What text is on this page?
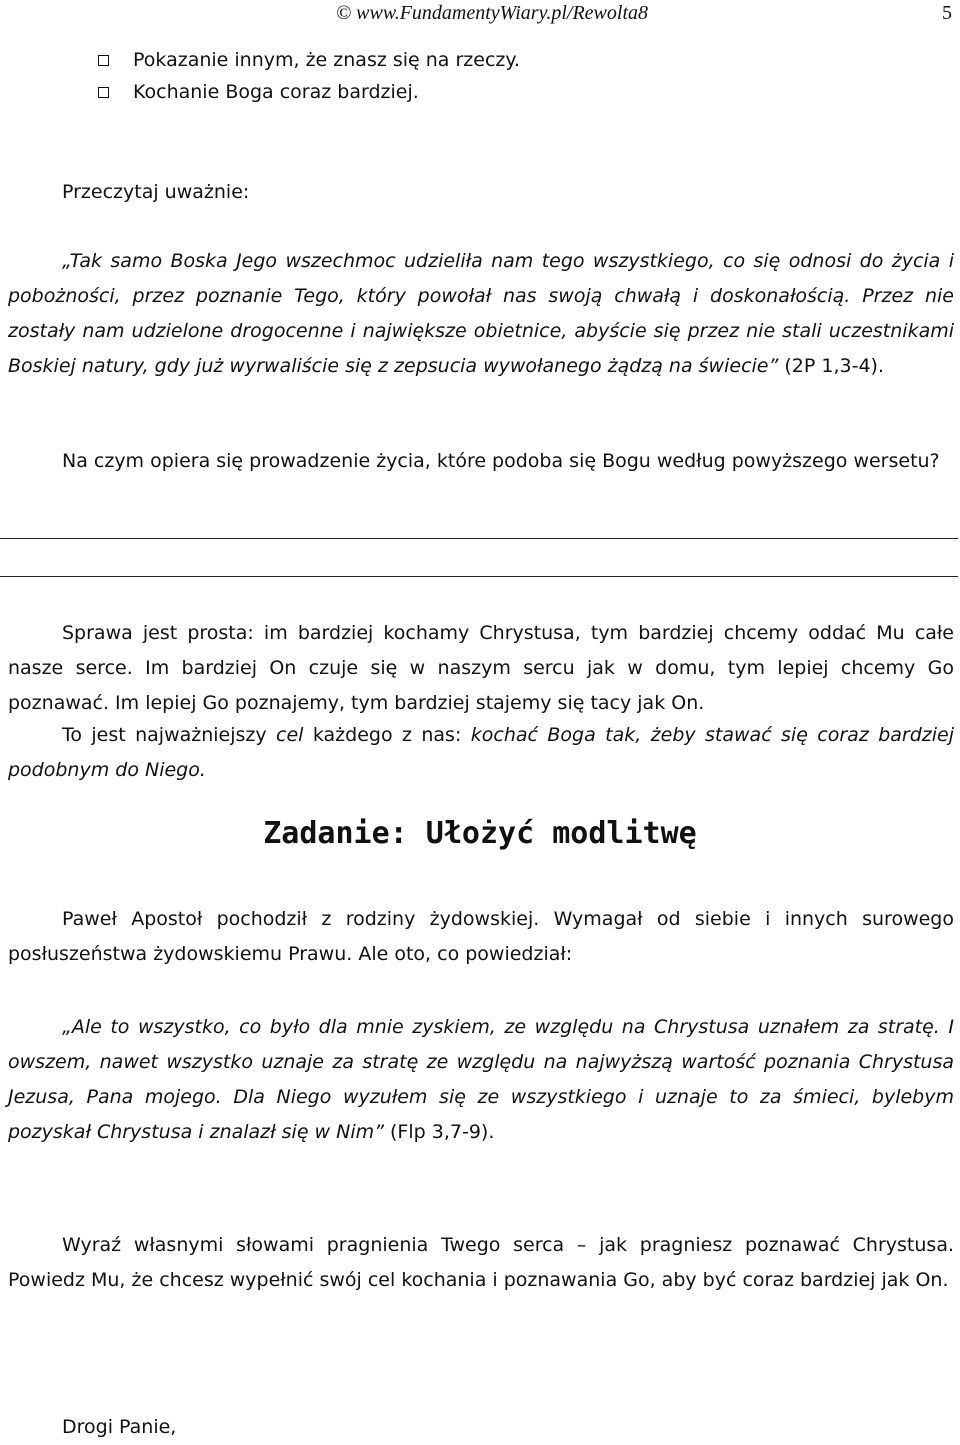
© www.FundamentyWiary.pl/Rewolta8	5
Pokazanie innym, że znasz się na rzeczy.
Kochanie Boga coraz bardziej.
Przeczytaj uważnie:
„Tak samo Boska Jego wszechmoc udzieliła nam tego wszystkiego, co się odnosi do życia i pobożności, przez poznanie Tego, który powołał nas swoją chwałą i doskonałością. Przez nie zostały nam udzielone drogocenne i największe obietnice, abyście się przez nie stali uczestnikami Boskiej natury, gdy już wyrwaliście się z zepsucia wywołanego żądzą na świecie” (2P 1,3-4).
Na czym opiera się prowadzenie życia, które podoba się Bogu według powyższego wersetu?
Sprawa jest prosta: im bardziej kochamy Chrystusa, tym bardziej chcemy oddać Mu całe nasze serce. Im bardziej On czuje się w naszym sercu jak w domu, tym lepiej chcemy Go poznawać. Im lepiej Go poznajemy, tym bardziej stajemy się tacy jak On.
To jest najważniejszy cel każdego z nas: kochać Boga tak, żeby stawać się coraz bardziej podobnym do Niego.
Zadanie: Ułożyć modlitwę
Paweł Apostoł pochodził z rodziny żydowskiej. Wymagał od siebie i innych surowego posłuszeństwa żydowskiemu Prawu. Ale oto, co powiedział:
„Ale to wszystko, co było dla mnie zyskiem, ze względu na Chrystusa uznałem za stratę. I owszem, nawet wszystko uznaje za stratę ze względu na najwyższą wartość poznania Chrystusa Jezusa, Pana mojego. Dla Niego wyzułem się ze wszystkiego i uznaje to za śmieci, bylebym pozyskał Chrystusa i znalazł się w Nim” (Flp 3,7-9).
Wyraź własnymi słowami pragnienia Twego serca – jak pragniesz poznawać Chrystusa. Powiedz Mu, że chcesz wypełnić swój cel kochania i poznawania Go, aby być coraz bardziej jak On.
Drogi Panie,
